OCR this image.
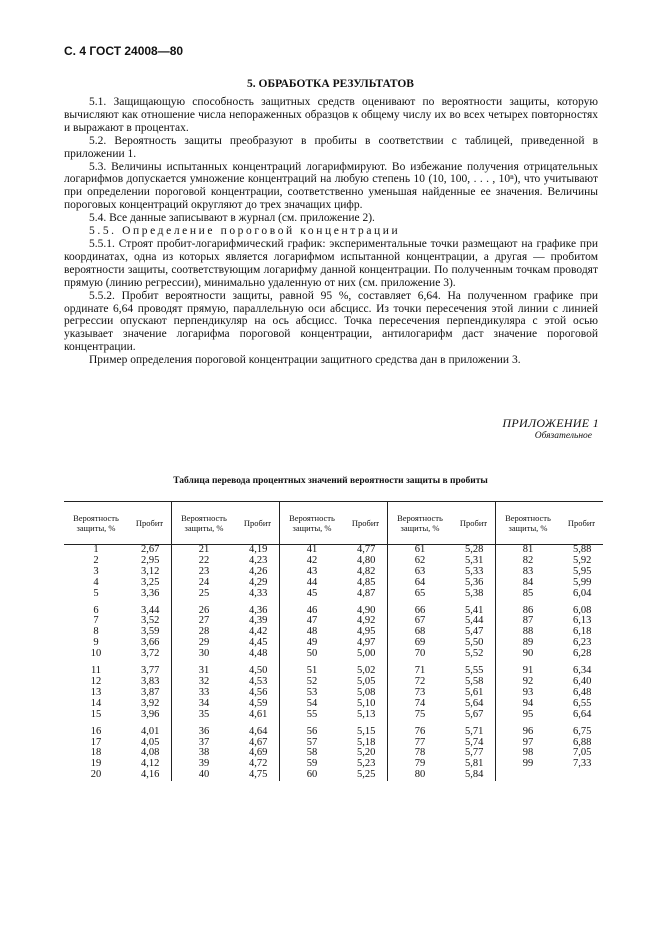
С. 4 ГОСТ 24008—80
5. ОБРАБОТКА РЕЗУЛЬТАТОВ

5.1. Защищающую способность защитных средств оценивают по вероятности защиты, которую вычисляют как отношение числа непораженных образцов к общему числу их во всех четырех повторностях и выражают в процентах.

5.2. Вероятность защиты преобразуют в пробиты в соответствии с таблицей, приведенной в приложении 1.

5.3. Величины испытанных концентраций логарифмируют. Во избежание получения отрицательных логарифмов допускается умножение концентраций на любую степень 10 (10, 100, . . . , 10ⁿ), что учитывают при определении пороговой концентрации, соответственно уменьшая найденные ее значения. Величины пороговых концентраций округляют до трех значащих цифр.

5.4. Все данные записывают в журнал (см. приложение 2).

5.5. Определение пороговой концентрации

5.5.1. Строят пробит-логарифмический график: экспериментальные точки размещают на графике при координатах, одна из которых является логарифмом испытанной концентрации, а другая — пробитом вероятности защиты, соответствующим логарифму данной концентрации. По полученным точкам проводят прямую (линию регрессии), минимально удаленную от них (см. приложение 3).

5.5.2. Пробит вероятности защиты, равной 95 %, составляет 6,64. На полученном графике при ординате 6,64 проводят прямую, параллельную оси абсцисс. Из точки пересечения этой линии с линией регрессии опускают перпендикуляр на ось абсцисс. Точка пересечения перпендикуляра с этой осью указывает значение логарифма пороговой концентрации, антилогарифм даст значение пороговой концентрации.

Пример определения пороговой концентрации защитного средства дан в приложении 3.

ПРИЛОЖЕНИЕ 1
Обязательное
Таблица перевода процентных значений вероятности защиты в пробиты
Вероятность защиты, %	Пробит	Вероятность защиты, %	Пробит	Вероятность защиты, %	Пробит	Вероятность защиты, %	Пробит	Вероятность защиты, %	Пробит
1	2,67	21	4,19	41	4,77	61	5,28	81	5,88
2	2,95	22	4,23	42	4,80	62	5,31	82	5,92
3	3,12	23	4,26	43	4,82	63	5,33	83	5,95
4	3,25	24	4,29	44	4,85	64	5,36	84	5,99
5	3,36	25	4,33	45	4,87	65	5,38	85	6,04

6	3,44	26	4,36	46	4,90	66	5,41	86	6,08
7	3,52	27	4,39	47	4,92	67	5,44	87	6,13
8	3,59	28	4,42	48	4,95	68	5,47	88	6,18
9	3,66	29	4,45	49	4,97	69	5,50	89	6,23
10	3,72	30	4,48	50	5,00	70	5,52	90	6,28

11	3,77	31	4,50	51	5,02	71	5,55	91	6,34
12	3,83	32	4,53	52	5,05	72	5,58	92	6,40
13	3,87	33	4,56	53	5,08	73	5,61	93	6,48
14	3,92	34	4,59	54	5,10	74	5,64	94	6,55
15	3,96	35	4,61	55	5,13	75	5,67	95	6,64

16	4,01	36	4,64	56	5,15	76	5,71	96	6,75
17	4,05	37	4,67	57	5,18	77	5,74	97	6,88
18	4,08	38	4,69	58	5,20	78	5,77	98	7,05
19	4,12	39	4,72	59	5,23	79	5,81	99	7,33
20	4,16	40	4,75	60	5,25	80	5,84		
